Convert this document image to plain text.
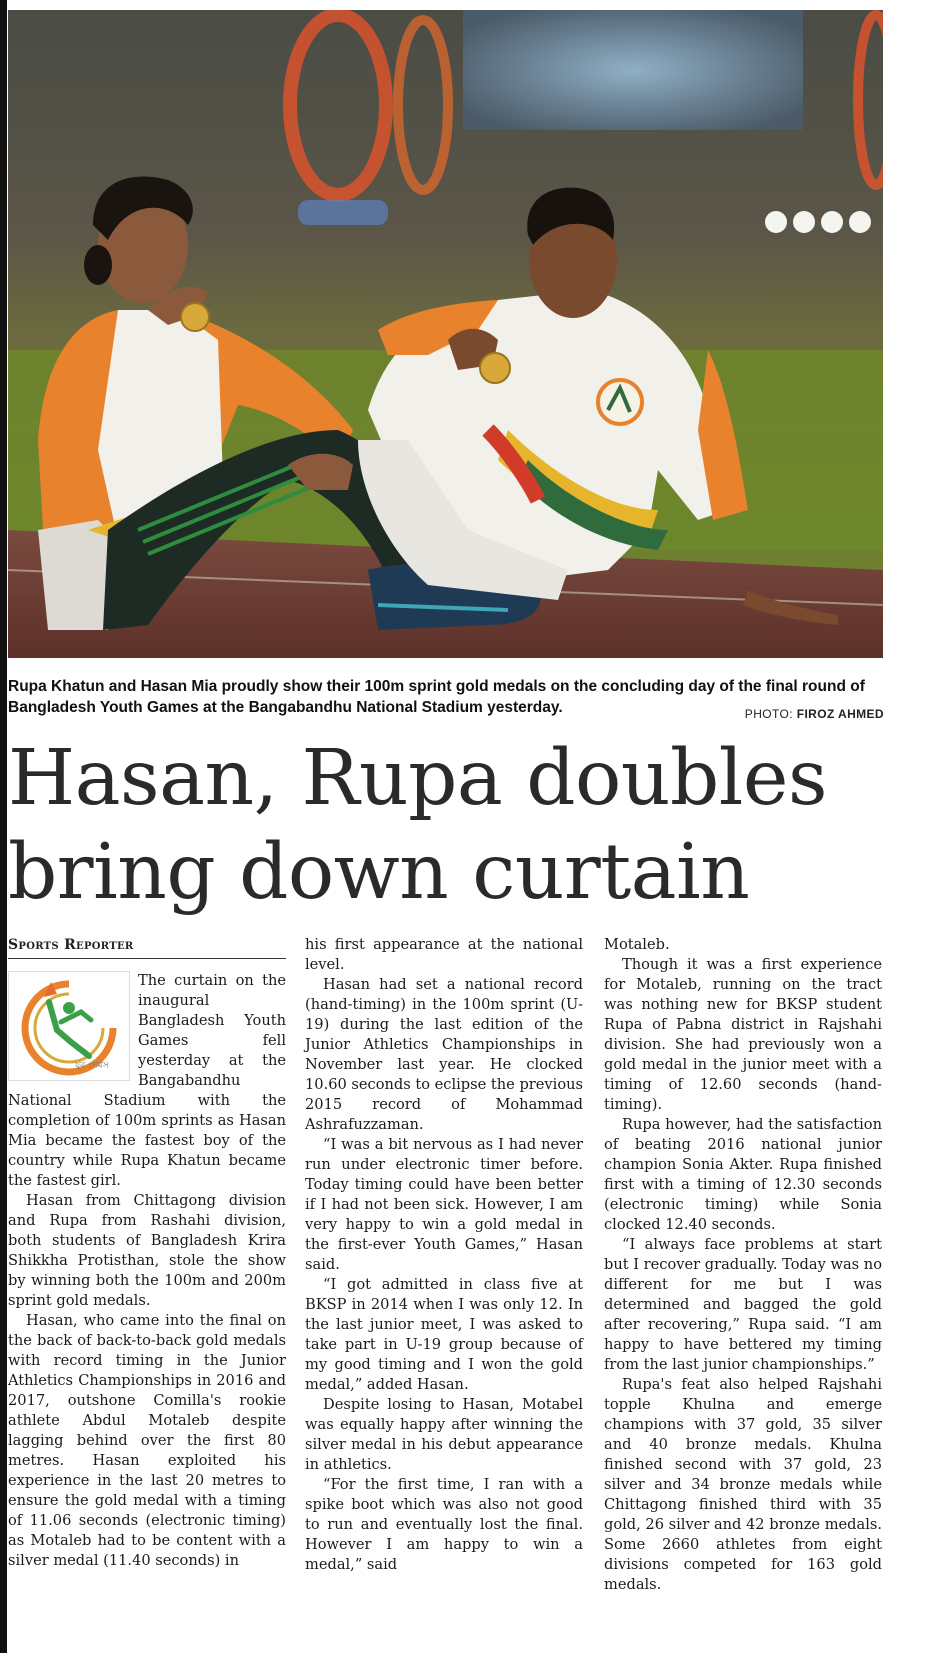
Rupa Khatun and Hasan Mia proudly show their 100m sprint gold medals on the concluding day of the final round of Bangladesh Youth Games at the Bangabandhu National Stadium yesterday.	PHOTO: FIROZ AHMED
Hasan, Rupa doubles
bring down curtain
Sports Reporter
যুব গেমস

The curtain on the inaugural Bangladesh Youth Games fell yesterday at the Bangabandhu National Stadium with the completion of 100m sprints as Hasan Mia became the fastest boy of the country while Rupa Khatun became the fastest girl.

Hasan from Chittagong division and Rupa from Rashahi division, both students of Bangladesh Krira Shikkha Protisthan, stole the show by winning both the 100m and 200m sprint gold medals.

Hasan, who came into the final on the back of back-to-back gold medals with record timing in the Junior Athletics Championships in 2016 and 2017, outshone Comilla's rookie athlete Abdul Motaleb despite lagging behind over the first 80 metres. Hasan exploited his experience in the last 20 metres to ensure the gold medal with a timing of 11.06 seconds (electronic timing) as Motaleb had to be content with a silver medal (11.40 seconds) in

his first appearance at the national level.

Hasan had set a national record (hand-timing) in the 100m sprint (U-19) during the last edition of the Junior Athletics Championships in November last year. He clocked 10.60 seconds to eclipse the previous 2015 record of Mohammad Ashrafuzzaman.

“I was a bit nervous as I had never run under electronic timer before. Today timing could have been better if I had not been sick. However, I am very happy to win a gold medal in the first-ever Youth Games,” Hasan said.

“I got admitted in class five at BKSP in 2014 when I was only 12. In the last junior meet, I was asked to take part in U-19 group because of my good timing and I won the gold medal,” added Hasan.

Despite losing to Hasan, Motabel was equally happy after winning the silver medal in his debut appearance in athletics.

“For the first time, I ran with a spike boot which was also not good to run and eventually lost the final. However I am happy to win a medal,” said

Motaleb.

Though it was a first experience for Motaleb, running on the tract was nothing new for BKSP student Rupa of Pabna district in Rajshahi division. She had previously won a gold medal in the junior meet with a timing of 12.60 seconds (hand-timing).

Rupa however, had the satisfaction of beating 2016 national junior champion Sonia Akter. Rupa finished first with a timing of 12.30 seconds (electronic timing) while Sonia clocked 12.40 seconds.

“I always face problems at start but I recover gradually. Today was no different for me but I was determined and bagged the gold after recovering,” Rupa said. “I am happy to have bettered my timing from the last junior championships.”

Rupa's feat also helped Rajshahi topple Khulna and emerge champions with 37 gold, 35 silver and 40 bronze medals. Khulna finished second with 37 gold, 23 silver and 34 bronze medals while Chittagong finished third with 35 gold, 26 silver and 42 bronze medals. Some 2660 athletes from eight divisions competed for 163 gold medals.
